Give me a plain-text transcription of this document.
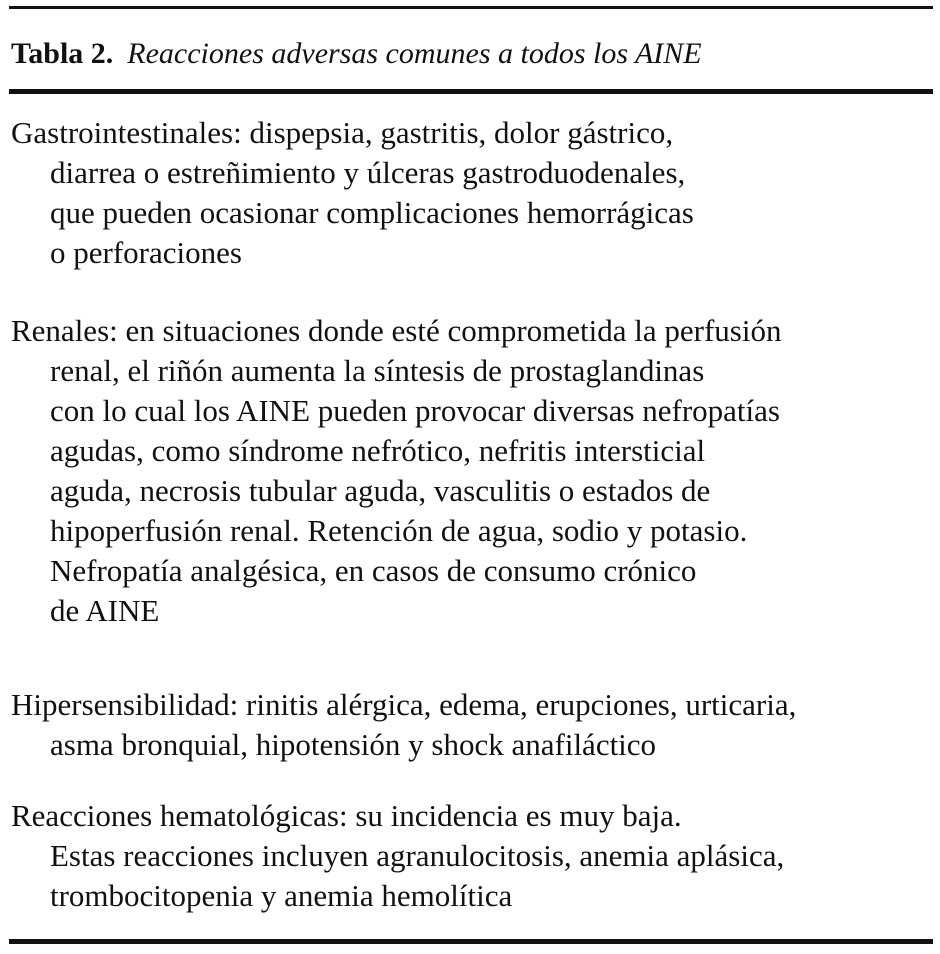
Tabla 2. Reacciones adversas comunes a todos los AINE

Gastrointestinales: dispepsia, gastritis, dolor gástrico,
diarrea o estreñimiento y úlceras gastroduodenales,
que pueden ocasionar complicaciones hemorrágicas
o perforaciones
Renales: en situaciones donde esté comprometida la perfusión
renal, el riñón aumenta la síntesis de prostaglandinas
con lo cual los AINE pueden provocar diversas nefropatías
agudas, como síndrome nefrótico, nefritis intersticial
aguda, necrosis tubular aguda, vasculitis o estados de
hipoperfusión renal. Retención de agua, sodio y potasio.
Nefropatía analgésica, en casos de consumo crónico
de AINE
Hipersensibilidad: rinitis alérgica, edema, erupciones, urticaria,
asma bronquial, hipotensión y shock anafiláctico
Reacciones hematológicas: su incidencia es muy baja.
Estas reacciones incluyen agranulocitosis, anemia aplásica,
trombocitopenia y anemia hemolítica
